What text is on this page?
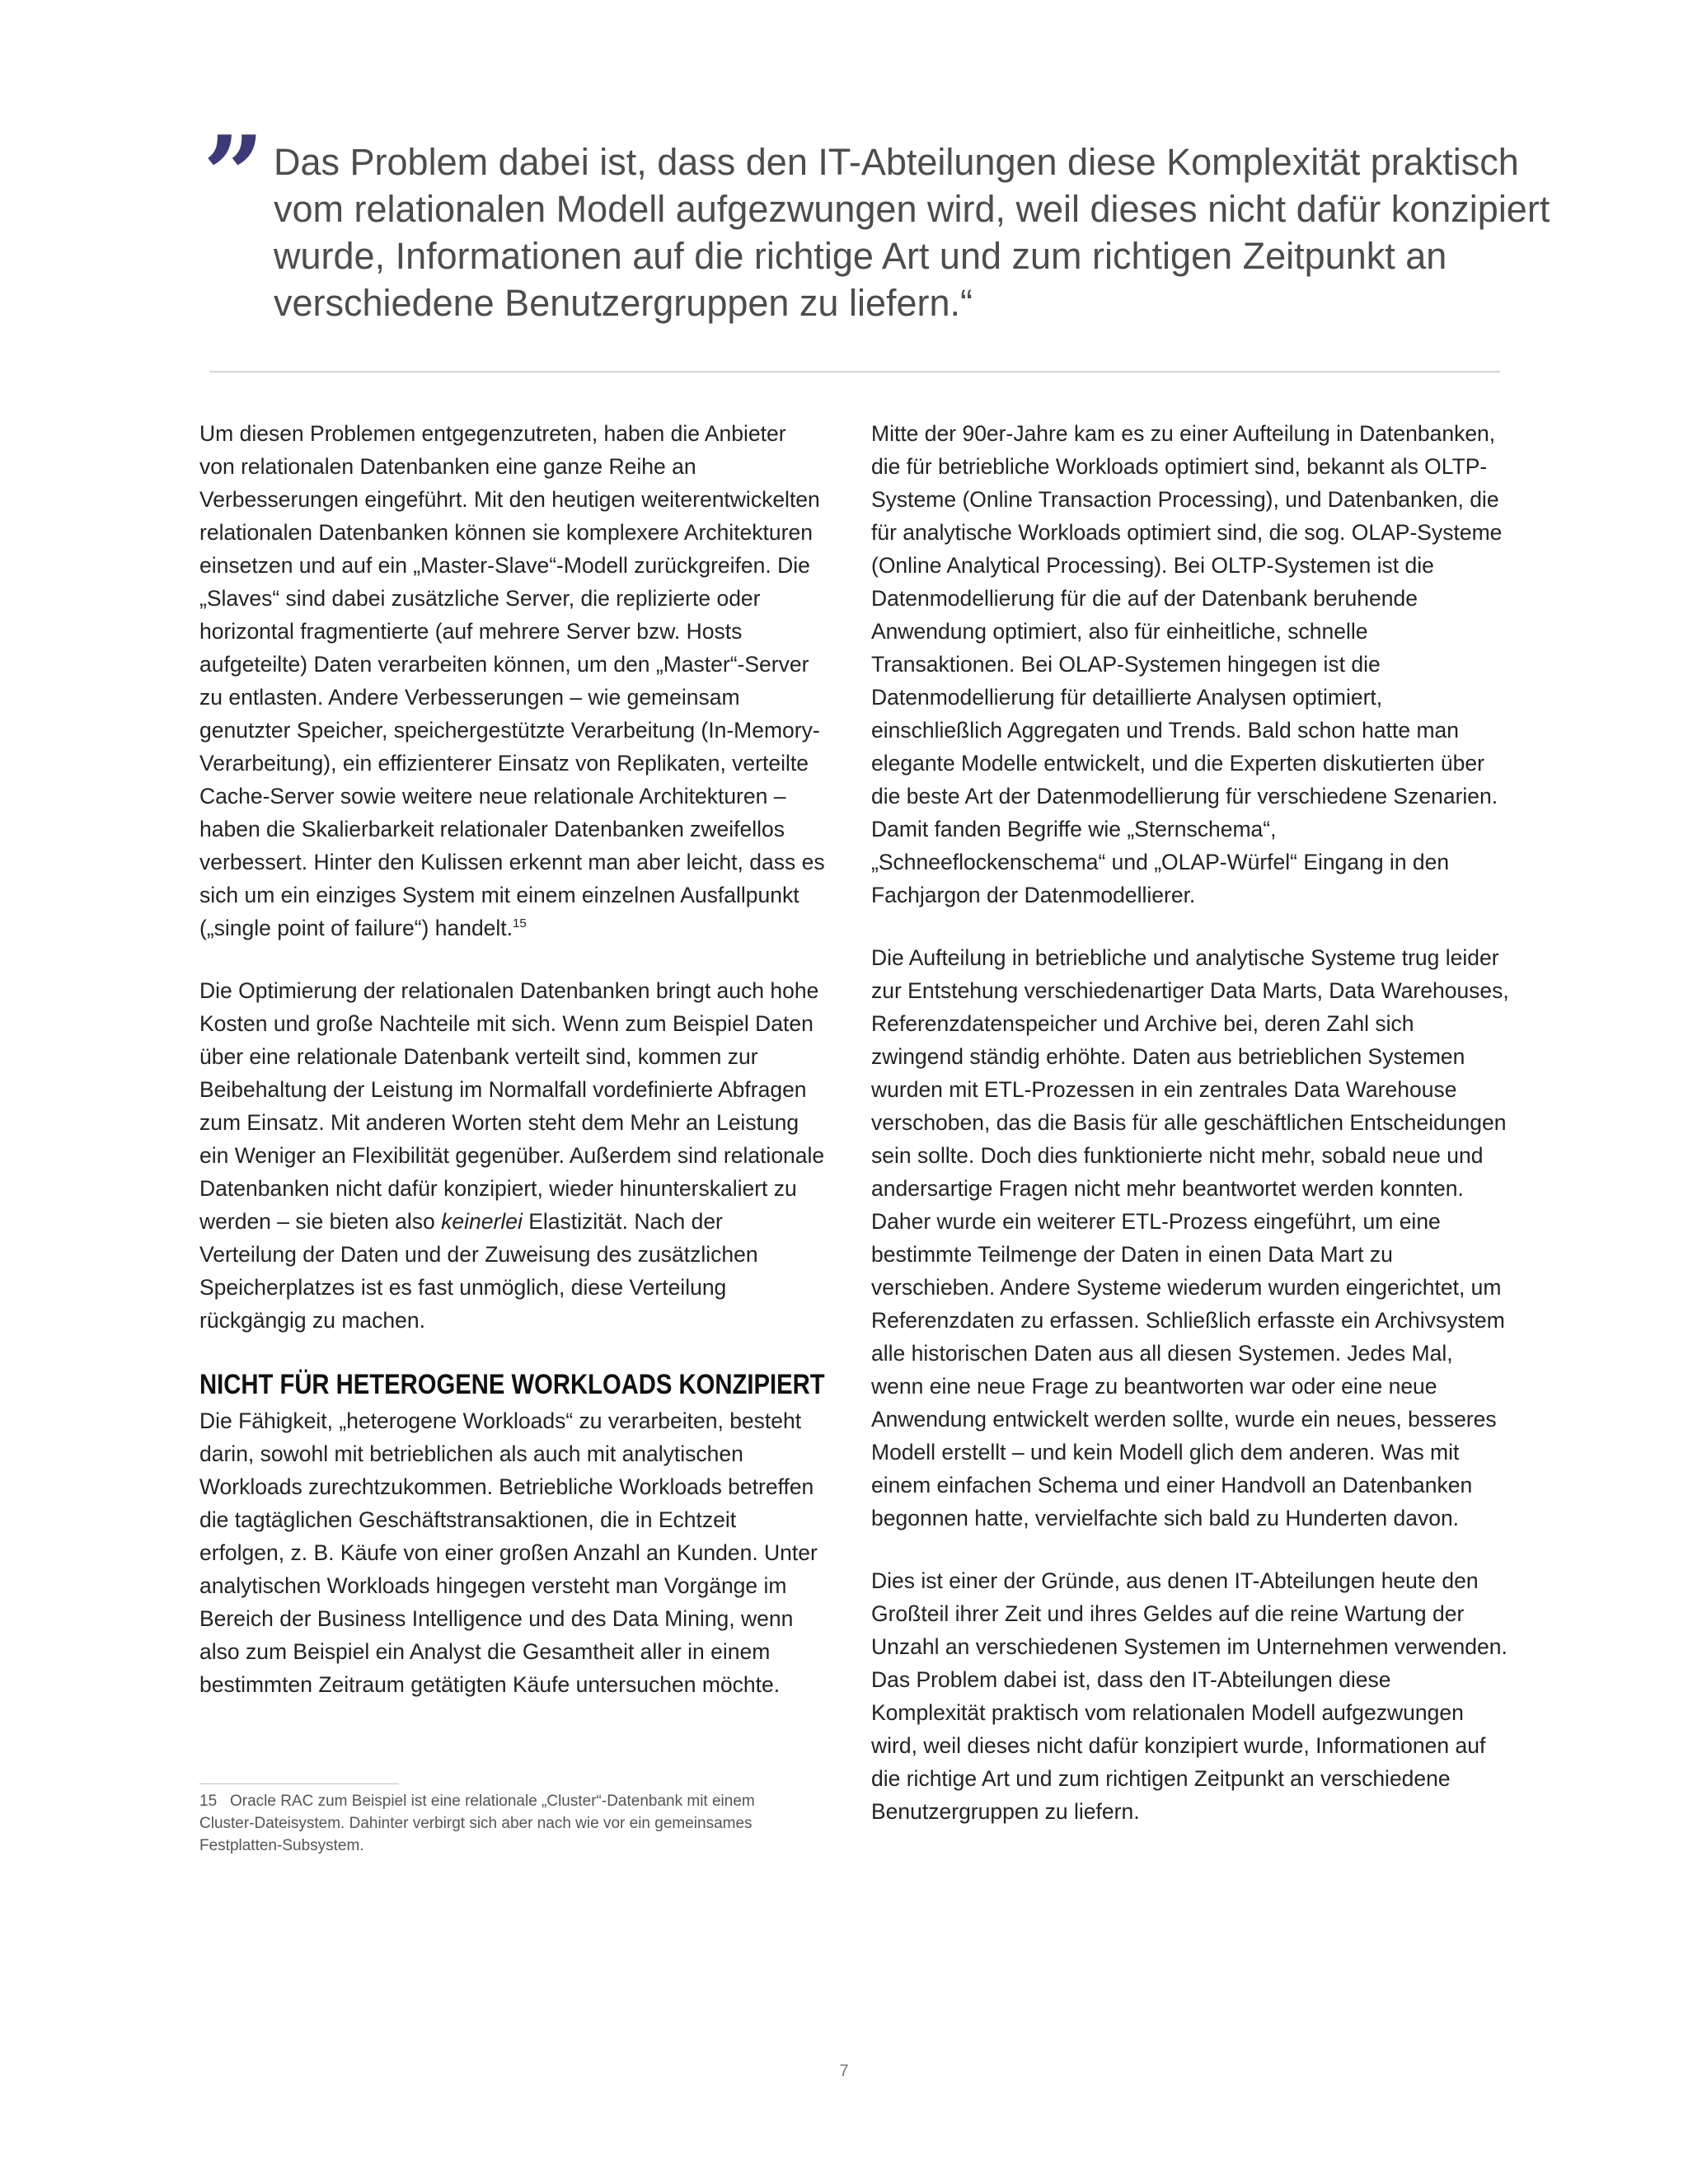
” Das Problem dabei ist, dass den IT-Abteilungen diese Komplexität praktisch vom relationalen Modell aufgezwungen wird, weil dieses nicht dafür konzipiert wurde, Informationen auf die richtige Art und zum richtigen Zeitpunkt an verschiedene Benutzergruppen zu liefern.“

Um diesen Problemen entgegenzutreten, haben die Anbieter von relationalen Datenbanken eine ganze Reihe an Verbesserungen eingeführt. Mit den heutigen weiterentwickelten relationalen Datenbanken können sie komplexere Architekturen einsetzen und auf ein „Master-Slave“-Modell zurückgreifen. Die „Slaves“ sind dabei zusätzliche Server, die replizierte oder horizontal fragmentierte (auf mehrere Server bzw. Hosts aufgeteilte) Daten verarbeiten können, um den „Master“-Server zu entlasten. Andere Verbesserungen – wie gemeinsam genutzter Speicher, speichergestützte Verarbeitung (In-Memory-Verarbeitung), ein effizienterer Einsatz von Replikaten, verteilte Cache-Server sowie weitere neue relationale Architekturen – haben die Skalierbarkeit relationaler Datenbanken zweifellos verbessert. Hinter den Kulissen erkennt man aber leicht, dass es sich um ein einziges System mit einem einzelnen Ausfallpunkt („single point of failure“) handelt.$^{15}$

Die Optimierung der relationalen Datenbanken bringt auch hohe Kosten und große Nachteile mit sich. Wenn zum Beispiel Daten über eine relationale Datenbank verteilt sind, kommen zur Beibehaltung der Leistung im Normalfall vordefinierte Abfragen zum Einsatz. Mit anderen Worten steht dem Mehr an Leistung ein Weniger an Flexibilität gegenüber. Außerdem sind relationale Datenbanken nicht dafür konzipiert, wieder hinunterskaliert zu werden – sie bieten also keinerlei Elastizität. Nach der Verteilung der Daten und der Zuweisung des zusätzlichen Speicherplatzes ist es fast unmöglich, diese Verteilung rückgängig zu machen.

NICHT FÜR HETEROGENE WORKLOADS KONZIPIERT

Die Fähigkeit, „heterogene Workloads“ zu verarbeiten, besteht darin, sowohl mit betrieblichen als auch mit analytischen Workloads zurechtzukommen. Betriebliche Workloads betreffen die tagtäglichen Geschäftstransaktionen, die in Echtzeit erfolgen, z. B. Käufe von einer großen Anzahl an Kunden. Unter analytischen Workloads hingegen versteht man Vorgänge im Bereich der Business Intelligence und des Data Mining, wenn also zum Beispiel ein Analyst die Gesamtheit aller in einem bestimmten Zeitraum getätigten Käufe untersuchen möchte.

Mitte der 90er-Jahre kam es zu einer Aufteilung in Datenbanken, die für betriebliche Workloads optimiert sind, bekannt als OLTP-Systeme (Online Transaction Processing), und Datenbanken, die für analytische Workloads optimiert sind, die sog. OLAP-Systeme (Online Analytical Processing). Bei OLTP-Systemen ist die Datenmodellierung für die auf der Datenbank beruhende Anwendung optimiert, also für einheitliche, schnelle Transaktionen. Bei OLAP-Systemen hingegen ist die Datenmodellierung für detaillierte Analysen optimiert, einschließlich Aggregaten und Trends. Bald schon hatte man elegante Modelle entwickelt, und die Experten diskutierten über die beste Art der Datenmodellierung für verschiedene Szenarien. Damit fanden Begriffe wie „Sternschema“, „Schneeflockenschema“ und „OLAP-Würfel“ Eingang in den Fachjargon der Datenmodellierer.

Die Aufteilung in betriebliche und analytische Systeme trug leider zur Entstehung verschiedenartiger Data Marts, Data Warehouses, Referenzdatenspeicher und Archive bei, deren Zahl sich zwingend ständig erhöhte. Daten aus betrieblichen Systemen wurden mit ETL-Prozessen in ein zentrales Data Warehouse verschoben, das die Basis für alle geschäftlichen Entscheidungen sein sollte. Doch dies funktionierte nicht mehr, sobald neue und andersartige Fragen nicht mehr beantwortet werden konnten. Daher wurde ein weiterer ETL-Prozess eingeführt, um eine bestimmte Teilmenge der Daten in einen Data Mart zu verschieben. Andere Systeme wiederum wurden eingerichtet, um Referenzdaten zu erfassen. Schließlich erfasste ein Archivsystem alle historischen Daten aus all diesen Systemen. Jedes Mal, wenn eine neue Frage zu beantworten war oder eine neue Anwendung entwickelt werden sollte, wurde ein neues, besseres Modell erstellt – und kein Modell glich dem anderen. Was mit einem einfachen Schema und einer Handvoll an Datenbanken begonnen hatte, vervielfachte sich bald zu Hunderten davon.

Dies ist einer der Gründe, aus denen IT-Abteilungen heute den Großteil ihrer Zeit und ihres Geldes auf die reine Wartung der Unzahl an verschiedenen Systemen im Unternehmen verwenden. Das Problem dabei ist, dass den IT-Abteilungen diese Komplexität praktisch vom relationalen Modell aufgezwungen wird, weil dieses nicht dafür konzipiert wurde, Informationen auf die richtige Art und zum richtigen Zeitpunkt an verschiedene Benutzergruppen zu liefern.

15 Oracle RAC zum Beispiel ist eine relationale „Cluster“-Datenbank mit einem Cluster-Dateisystem. Dahinter verbirgt sich aber nach wie vor ein gemeinsames Festplatten-Subsystem.

7
